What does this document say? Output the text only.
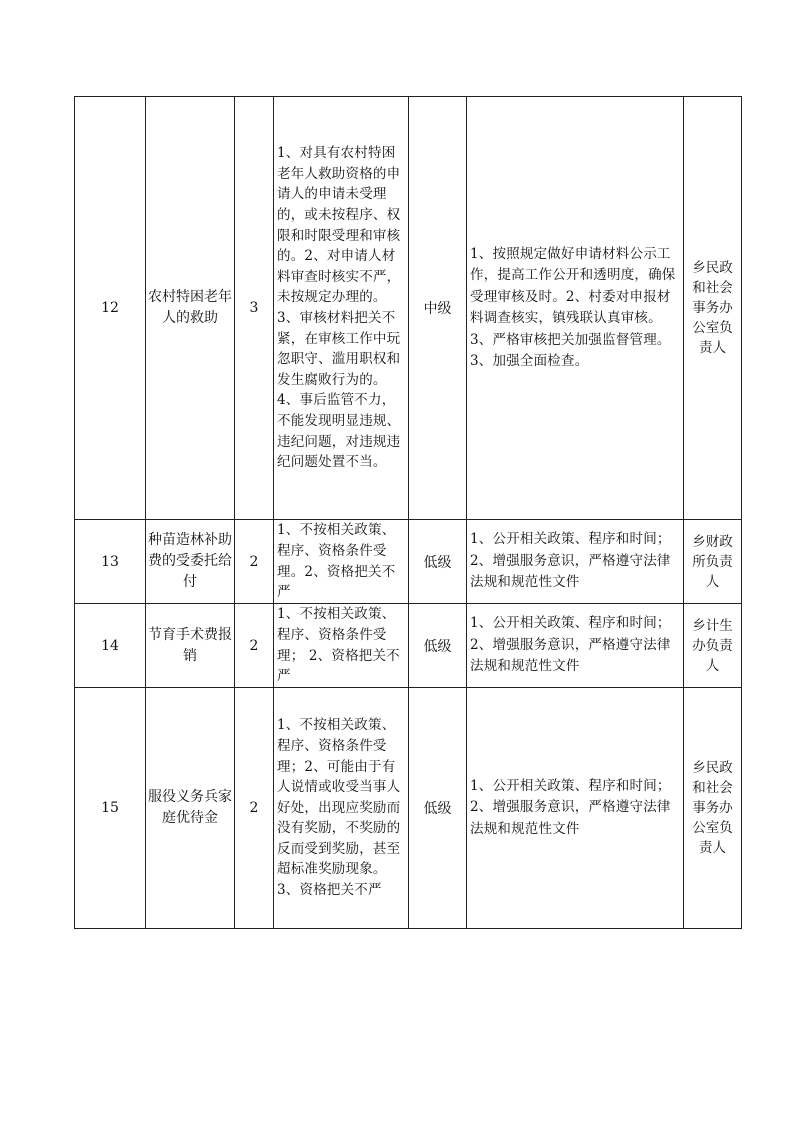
12	农村特困老年人的救助	3	1、对具有农村特困老年人救助资格的申请人的申请未受理的，或未按程序、权限和时限受理和审核的。2、对申请人材料审查时核实不严，未按规定办理的。 3、审核材料把关不紧，在审核工作中玩忽职守、滥用职权和发生腐败行为的。4、事后监管不力，不能发现明显违规、违纪问题，对违规违纪问题处置不当。	中级	1、按照规定做好申请材料公示工作，提高工作公开和透明度，确保受理审核及时。2、村委对申报材料调查核实，镇残联认真审核。3、严格审核把关加强监督管理。3、加强全面检查。	乡民政和社会事务办公室负责人

13	种苗造林补助费的受委托给付	2	1、不按相关政策、程序、资格条件受理。2、资格把关不严	低级	1、公开相关政策、程序和时间；2、增强服务意识，严格遵守法律法规和规范性文件	乡财政所负责人

14	节育手术费报销	2	1、不按相关政策、程序、资格条件受理； 2、资格把关不严	低级	1、公开相关政策、程序和时间；2、增强服务意识，严格遵守法律法规和规范性文件	乡计生办负责人

15	服役义务兵家庭优待金	2	1、不按相关政策、程序、资格条件受理；2、可能由于有人说情或收受当事人好处，出现应奖励而没有奖励，不奖励的反而受到奖励，甚至超标准奖励现象。3、资格把关不严	低级	1、公开相关政策、程序和时间；2、增强服务意识，严格遵守法律法规和规范性文件	乡民政和社会事务办公室负责人
